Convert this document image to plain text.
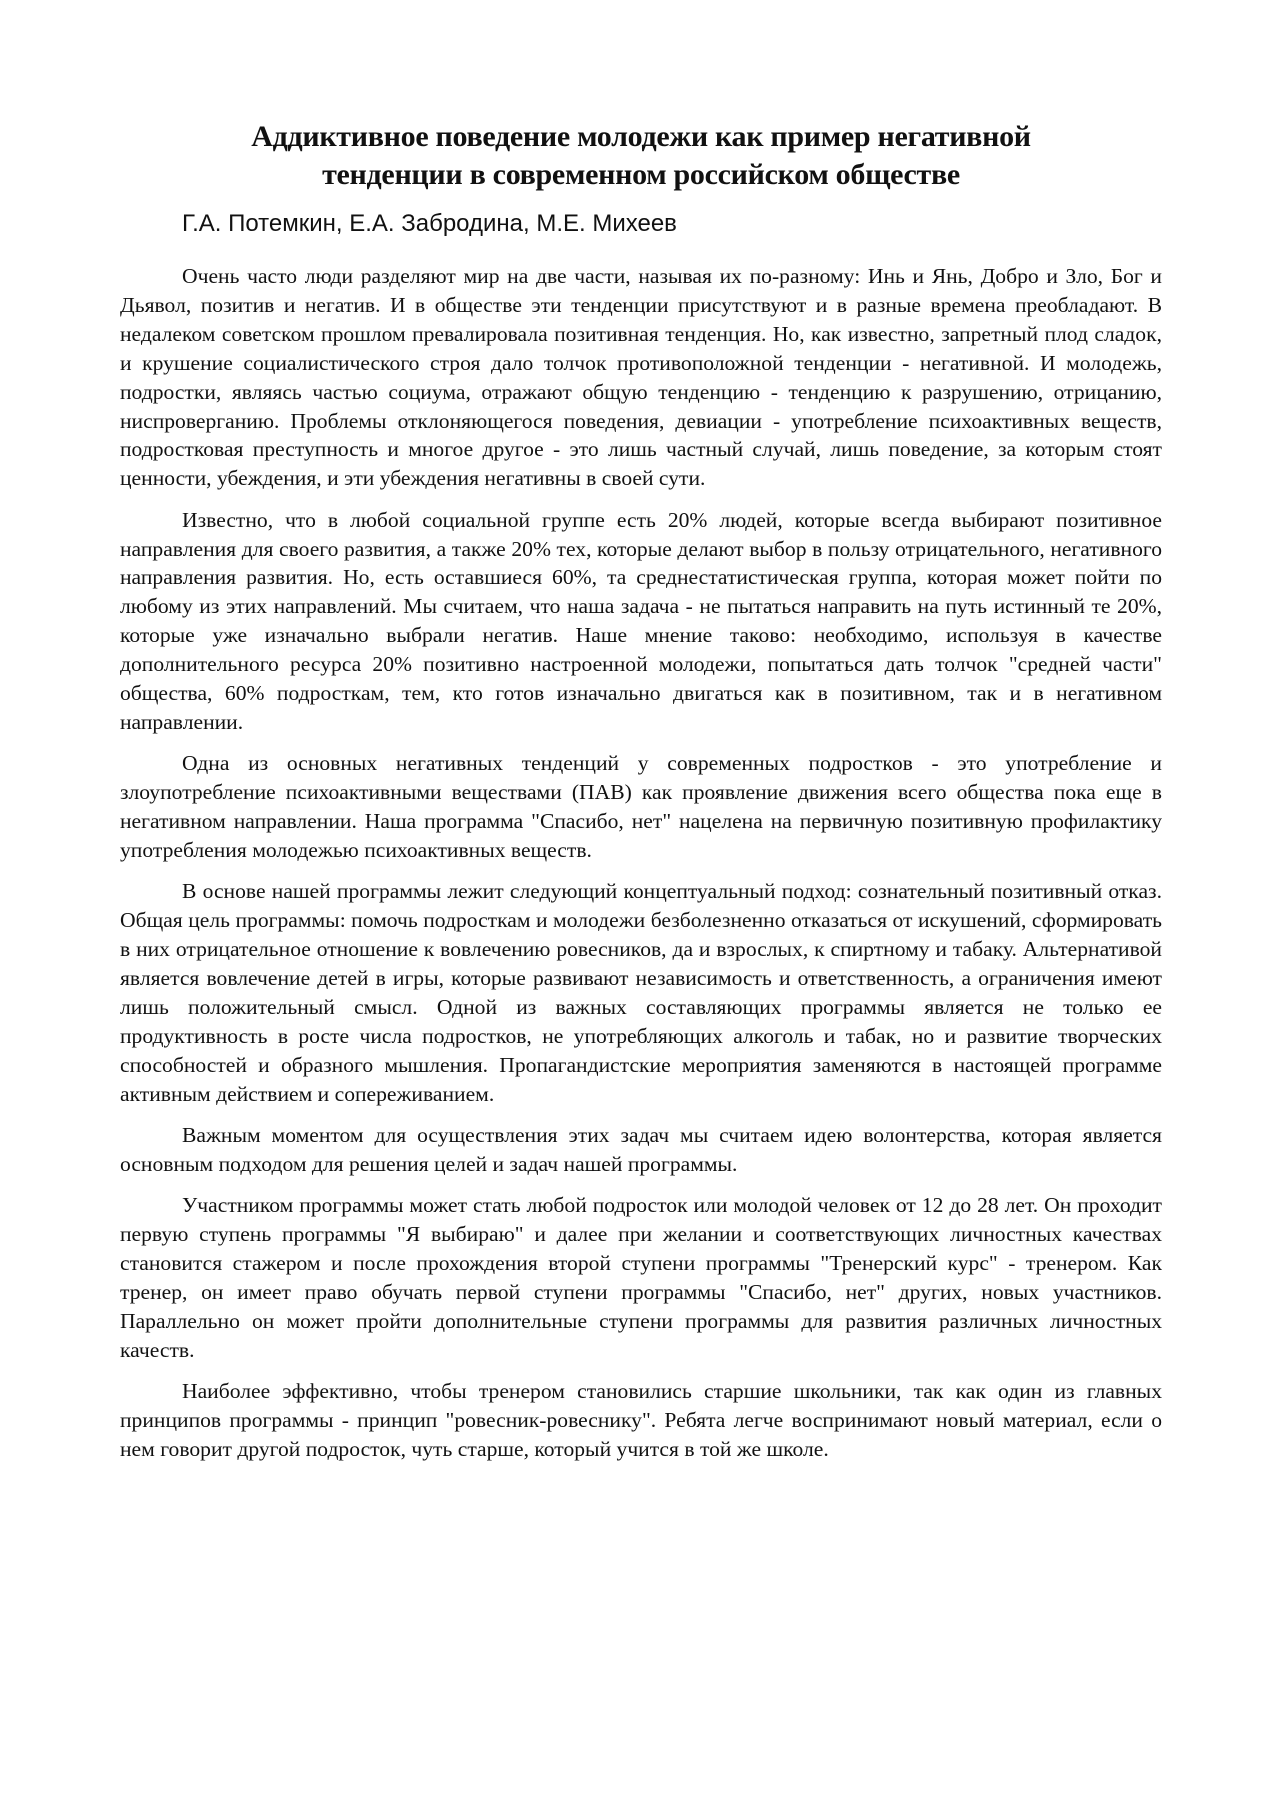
Аддиктивное поведение молодежи как пример негативной
тенденции в современном российском обществе
Г.А. Потемкин, Е.А. Забродина, М.Е. Михеев

Очень часто люди разделяют мир на две части, называя их по-разному: Инь и Янь, Добро и Зло, Бог и Дьявол, позитив и негатив. И в обществе эти тенденции присутствуют и в разные времена преобладают. В недалеком советском прошлом превалировала позитивная тенденция. Но, как известно, запретный плод сладок, и крушение социалистического строя дало толчок противоположной тенденции - негативной. И молодежь, подростки, являясь частью социума, отражают общую тенденцию - тенденцию к разрушению, отрицанию, ниспроверганию. Проблемы отклоняющегося поведения, девиации - употребление психоактивных веществ, подростковая преступность и многое другое - это лишь частный случай, лишь поведение, за которым стоят ценности, убеждения, и эти убеждения негативны в своей сути.

Известно, что в любой социальной группе есть 20% людей, которые всегда выбирают позитивное направления для своего развития, а также 20% тех, которые делают выбор в пользу отрицательного, негативного направления развития. Но, есть оставшиеся 60%, та среднестатистическая группа, которая может пойти по любому из этих направлений. Мы считаем, что наша задача - не пытаться направить на путь истинный те 20%, которые уже изначально выбрали негатив. Наше мнение таково: необходимо, используя в качестве дополнительного ресурса 20% позитивно настроенной молодежи, попытаться дать толчок "средней части" общества, 60% подросткам, тем, кто готов изначально двигаться как в позитивном, так и в негативном направлении.

Одна из основных негативных тенденций у современных подростков - это употребление и злоупотребление психоактивными веществами (ПАВ) как проявление движения всего общества пока еще в негативном направлении. Наша программа "Спасибо, нет" нацелена на первичную позитивную профилактику употребления молодежью психоактивных веществ.

В основе нашей программы лежит следующий концептуальный подход: сознательный позитивный отказ. Общая цель программы: помочь подросткам и молодежи безболезненно отказаться от искушений, сформировать в них отрицательное отношение к вовлечению ровесников, да и взрослых, к спиртному и табаку. Альтернативой является вовлечение детей в игры, которые развивают независимость и ответственность, а ограничения имеют лишь положительный смысл. Одной из важных составляющих программы является не только ее продуктивность в росте числа подростков, не употребляющих алкоголь и табак, но и развитие творческих способностей и образного мышления. Пропагандистские мероприятия заменяются в настоящей программе активным действием и сопереживанием.

Важным моментом для осуществления этих задач мы считаем идею волонтерства, которая является основным подходом для решения целей и задач нашей программы.

Участником программы может стать любой подросток или молодой человек от 12 до 28 лет. Он проходит первую ступень программы "Я выбираю" и далее при желании и соответствующих личностных качествах становится стажером и после прохождения второй ступени программы "Тренерский курс" - тренером. Как тренер, он имеет право обучать первой ступени программы "Спасибо, нет" других, новых участников. Параллельно он может пройти дополнительные ступени программы для развития различных личностных качеств.

Наиболее эффективно, чтобы тренером становились старшие школьники, так как один из главных принципов программы - принцип "ровесник-ровеснику". Ребята легче воспринимают новый материал, если о нем говорит другой подросток, чуть старше, который учится в той же школе.
